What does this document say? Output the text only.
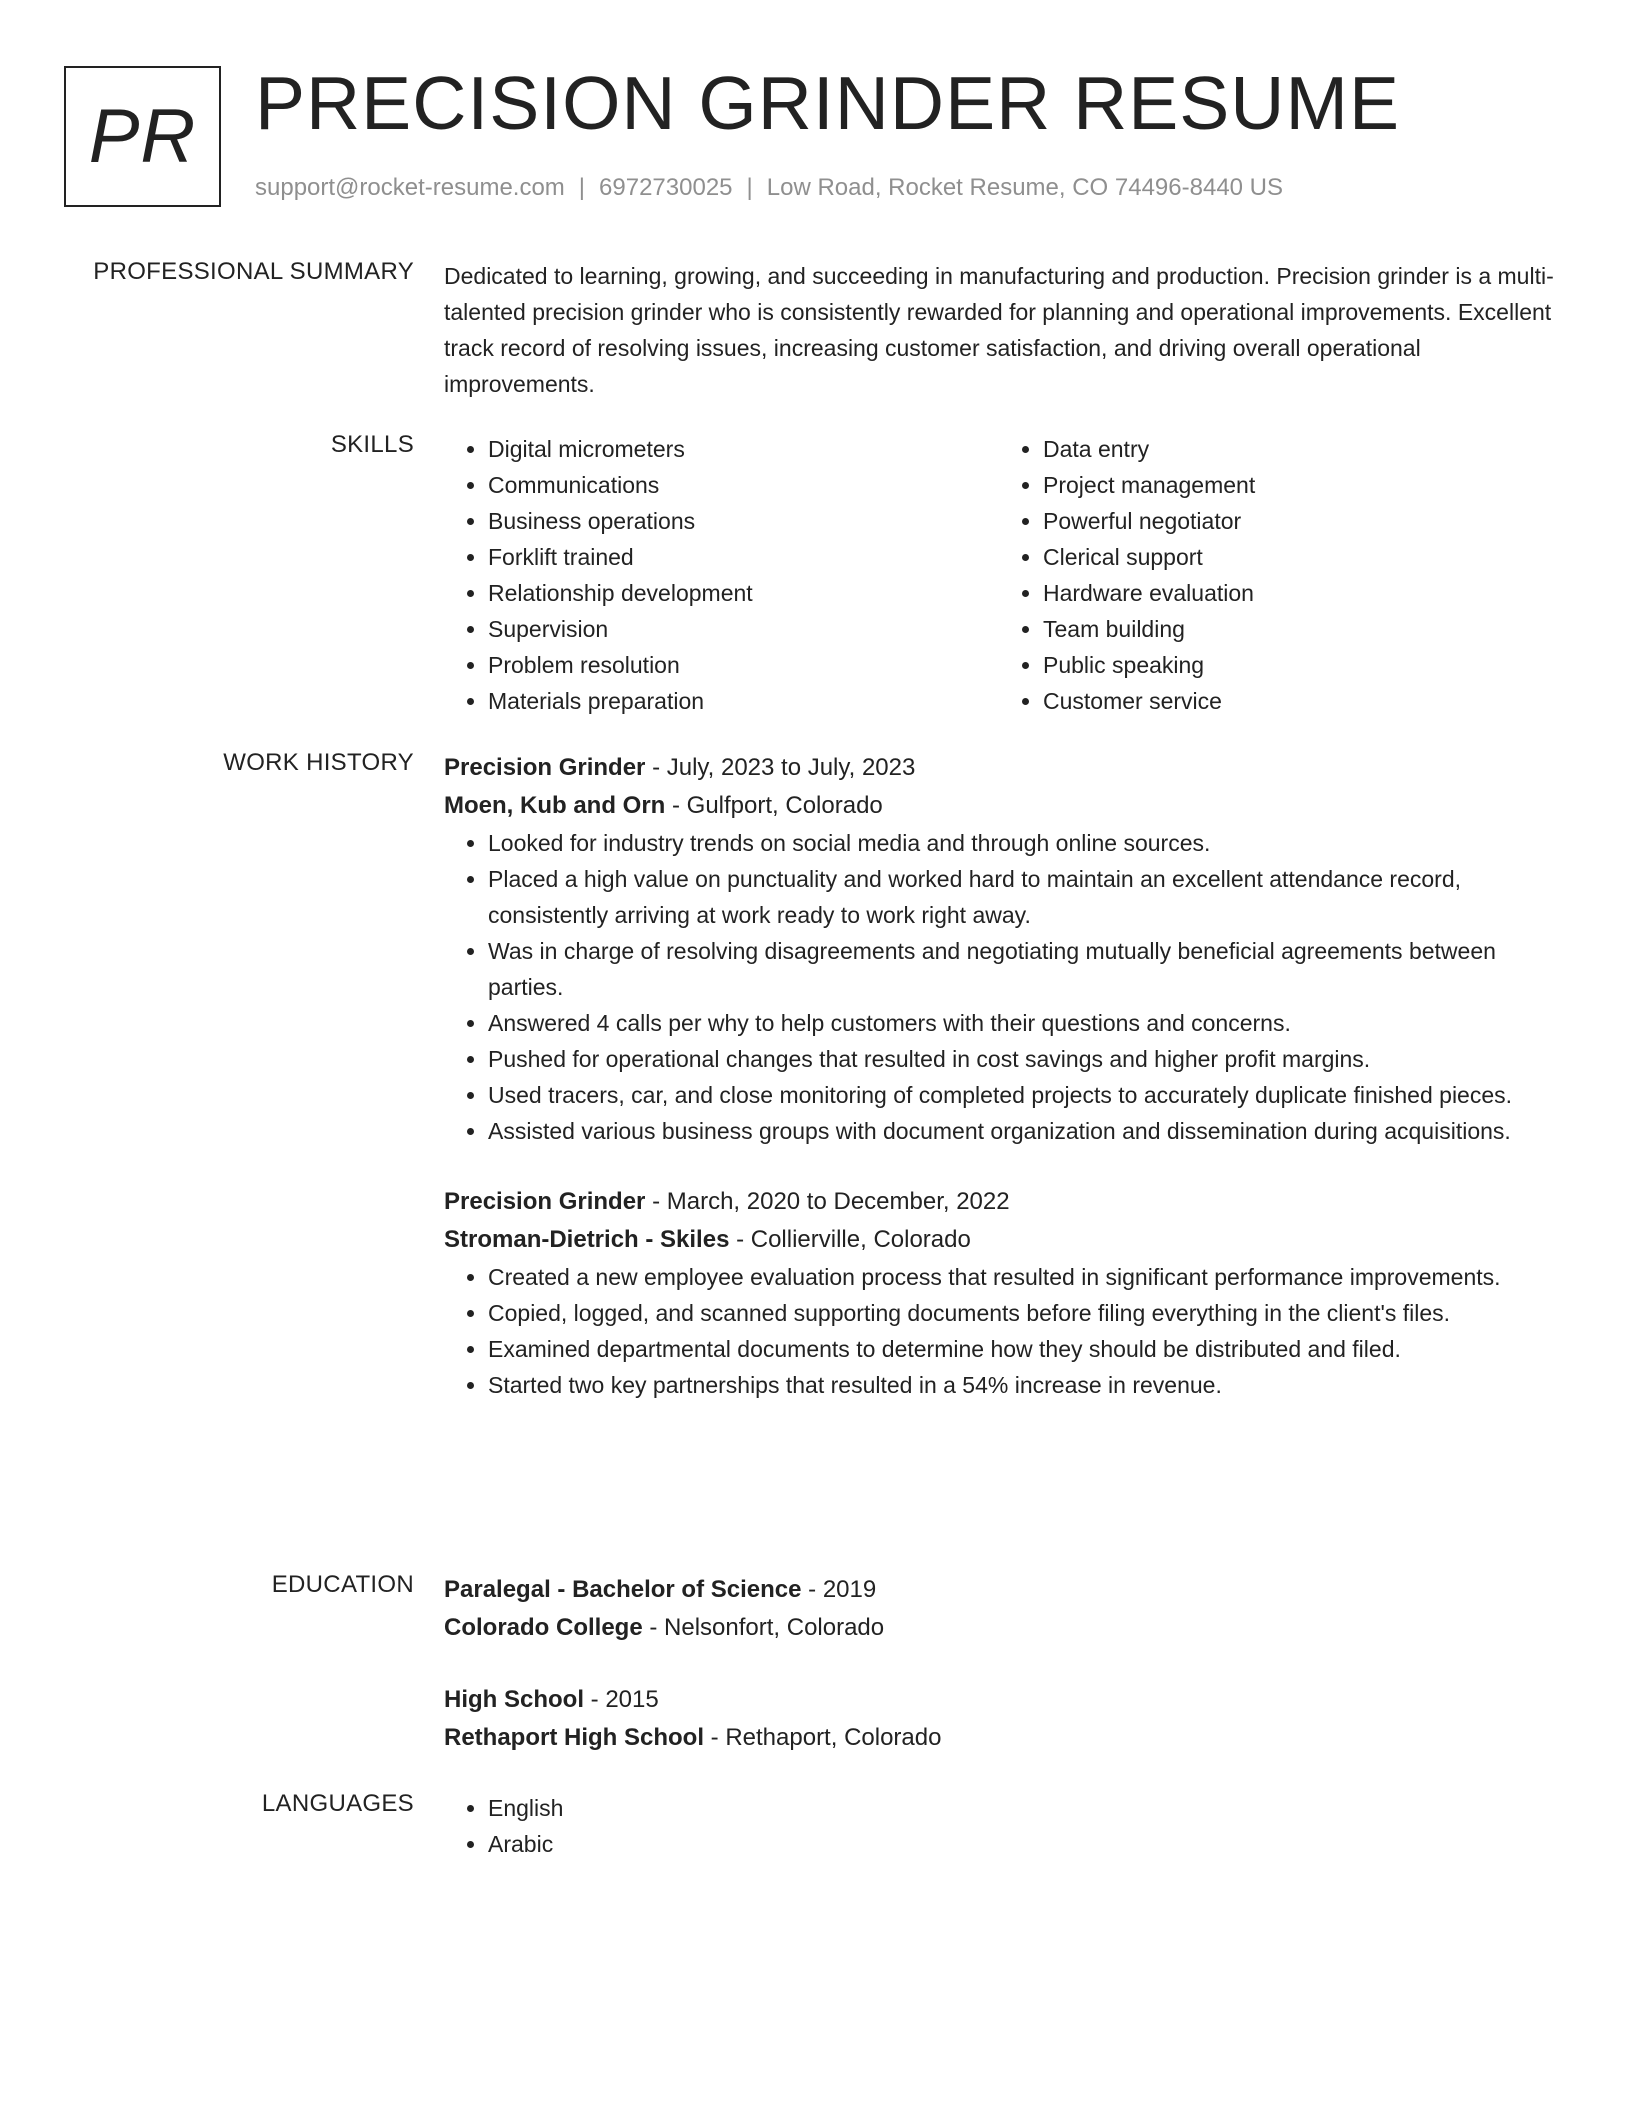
PR PRECISION GRINDER RESUME
support@rocket-resume.com | 6972730025 | Low Road, Rocket Resume, CO 74496-8440 US
PROFESSIONAL SUMMARY Dedicated to learning, growing, and succeeding in manufacturing and production. Precision grinder is a multi-talented precision grinder who is consistently rewarded for planning and operational improvements. Excellent track record of resolving issues, increasing customer satisfaction, and driving overall operational improvements.

SKILLS	• Digital micrometers
• Communications
• Business operations
• Forklift trained
• Relationship development
• Supervision
• Problem resolution
• Materials preparation
• Data entry
• Project management
• Powerful negotiator
• Clerical support
• Hardware evaluation
• Team building
• Public speaking
• Customer service
WORK HISTORY Precision Grinder - July, 2023 to July, 2023
Moen, Kub and Orn - Gulfport, Colorado
• Looked for industry trends on social media and through online sources.
• Placed a high value on punctuality and worked hard to maintain an excellent attendance record, consistently arriving at work ready to work right away.
• Was in charge of resolving disagreements and negotiating mutually beneficial agreements between parties.
• Answered 4 calls per why to help customers with their questions and concerns.
• Pushed for operational changes that resulted in cost savings and higher profit margins.
• Used tracers, car, and close monitoring of completed projects to accurately duplicate finished pieces.
• Assisted various business groups with document organization and dissemination during acquisitions.
Precision Grinder - March, 2020 to December, 2022
Stroman-Dietrich - Skiles - Collierville, Colorado
• Created a new employee evaluation process that resulted in significant performance improvements.
• Copied, logged, and scanned supporting documents before filing everything in the client's files.
• Examined departmental documents to determine how they should be distributed and filed.
• Started two key partnerships that resulted in a 54% increase in revenue.
EDUCATION Paralegal - Bachelor of Science - 2019
Colorado College - Nelsonfort, Colorado
High School - 2015
Rethaport High School - Rethaport, Colorado
LANGUAGES	• English
• Arabic
